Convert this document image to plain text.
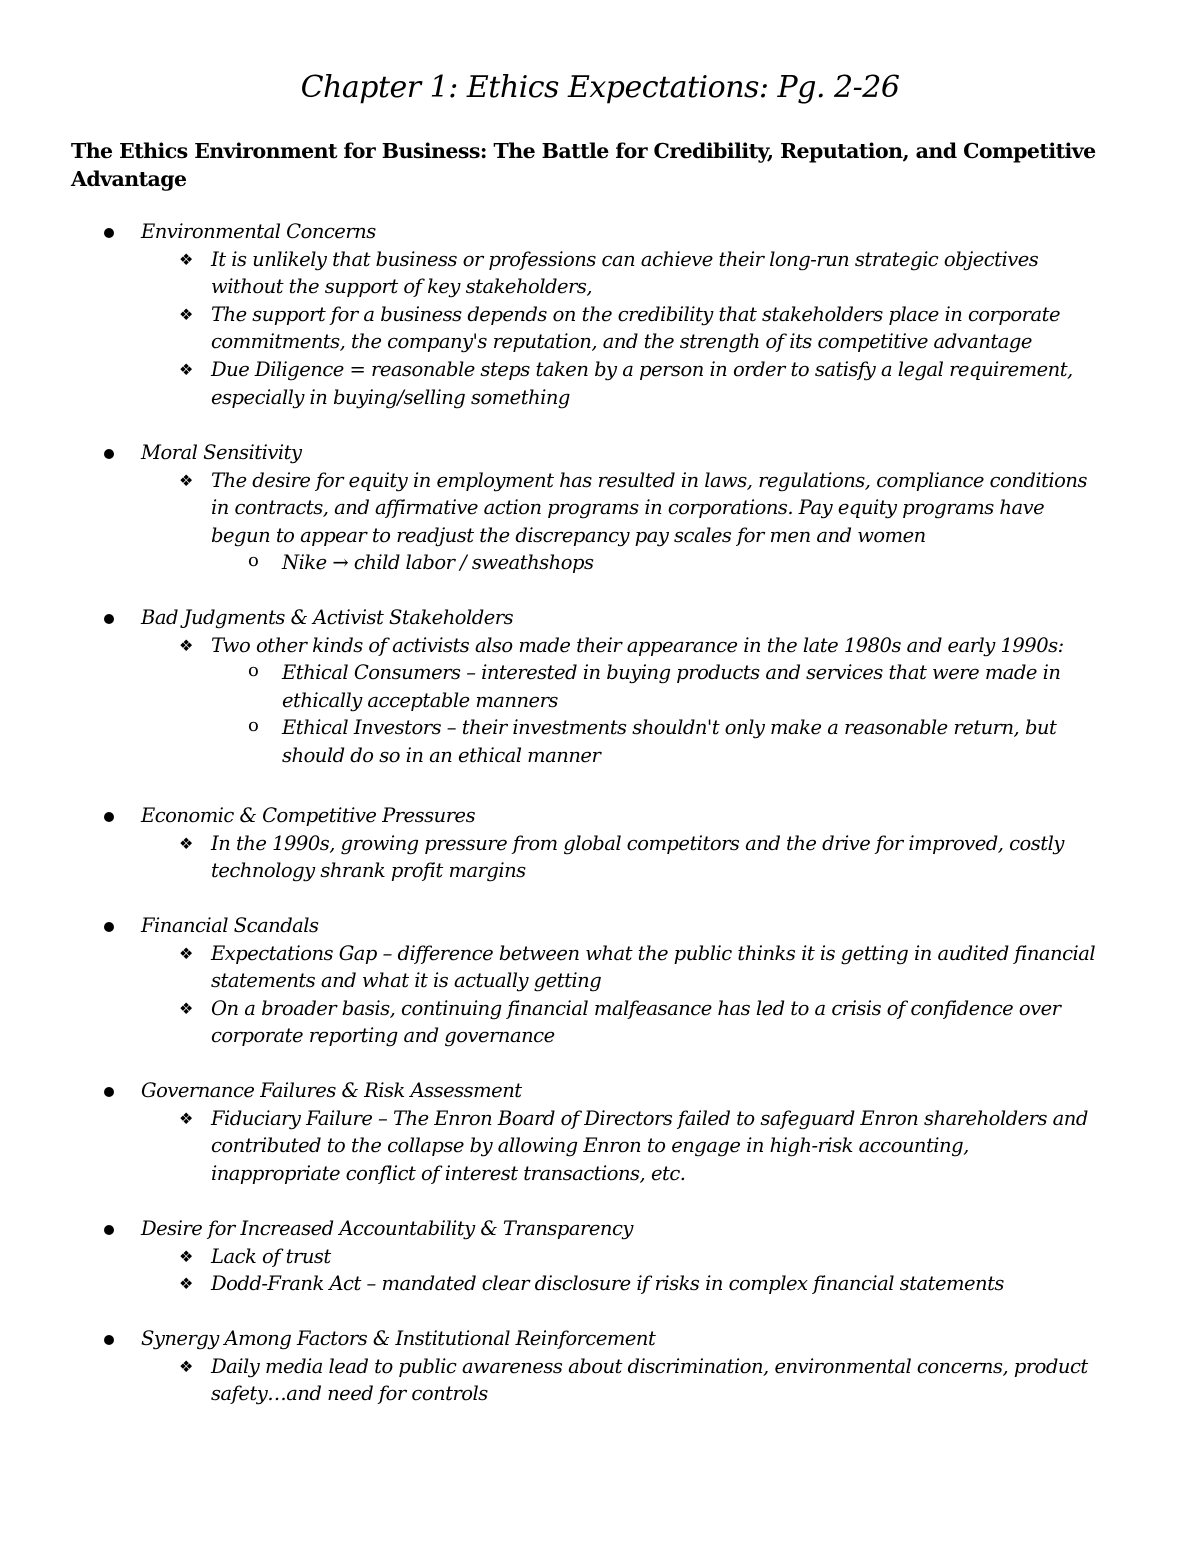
Chapter 1: Ethics Expectations: Pg. 2-26
The Ethics Environment for Business: The Battle for Credibility, Reputation, and Competitive Advantage
Environmental Concerns
❖ It is unlikely that business or professions can achieve their long-run strategic objectives
without the support of key stakeholders,
❖ The support for a business depends on the credibility that stakeholders place in corporate
commitments, the company's reputation, and the strength of its competitive advantage
❖ Due Diligence = reasonable steps taken by a person in order to satisfy a legal requirement,
especially in buying/selling something
Moral Sensitivity
❖ The desire for equity in employment has resulted in laws, regulations, compliance conditions
in contracts, and affirmative action programs in corporations. Pay equity programs have
begun to appear to readjust the discrepancy pay scales for men and women
o Nike → child labor / sweathshops
Bad Judgments & Activist Stakeholders
❖ Two other kinds of activists also made their appearance in the late 1980s and early 1990s:
o Ethical Consumers – interested in buying products and services that were made in
ethically acceptable manners
o Ethical Investors – their investments shouldn't only make a reasonable return, but
should do so in an ethical manner
Economic & Competitive Pressures
❖ In the 1990s, growing pressure from global competitors and the drive for improved, costly
technology shrank profit margins
Financial Scandals
❖ Expectations Gap – difference between what the public thinks it is getting in audited financial
statements and what it is actually getting
❖ On a broader basis, continuing financial malfeasance has led to a crisis of confidence over
corporate reporting and governance
Governance Failures & Risk Assessment
❖ Fiduciary Failure – The Enron Board of Directors failed to safeguard Enron shareholders and
contributed to the collapse by allowing Enron to engage in high-risk accounting,
inappropriate conflict of interest transactions, etc.
Desire for Increased Accountability & Transparency
❖ Lack of trust
❖ Dodd-Frank Act – mandated clear disclosure if risks in complex financial statements
Synergy Among Factors & Institutional Reinforcement
❖ Daily media lead to public awareness about discrimination, environmental concerns, product
safety…and need for controls
